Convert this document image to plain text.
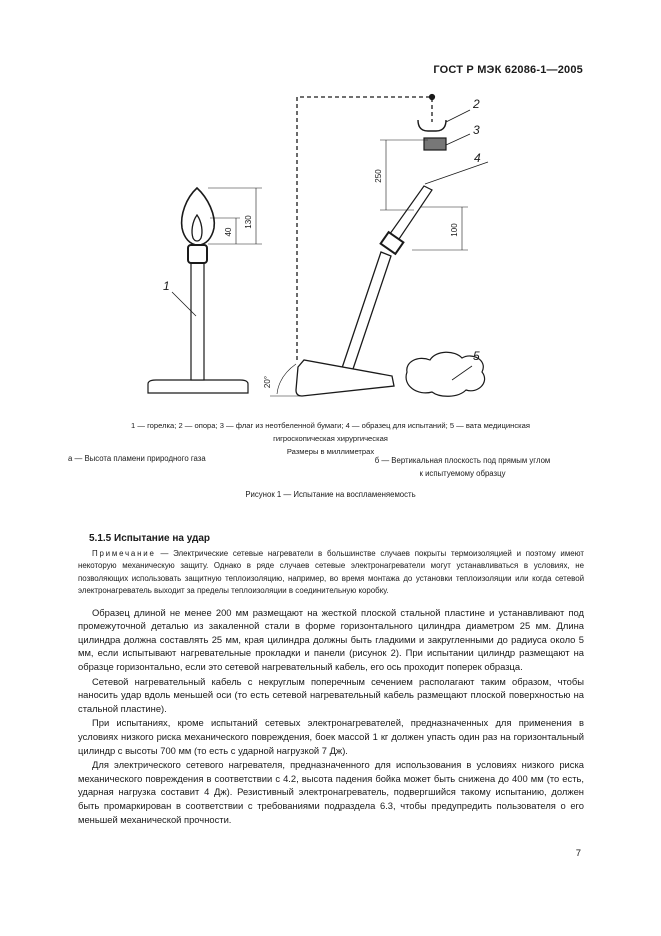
ГОСТ Р МЭК 62086-1—2005
130
40
250
100
20°
1
2
3
4
5
1 — горелка; 2 — опора; 3 — флаг из неотбеленной бумаги; 4 — образец для испытаний; 5 — вата медицинская
гигроскопическая хирургическая
Размеры в миллиметрах
а — Высота пламени природного газа	б — Вертикальная плоскость под прямым углом
к испытуемому образцу
Рисунок 1 — Испытание на воспламеняемость
5.1.5 Испытание на удар

Примечание — Электрические сетевые нагреватели в большинстве случаев покрыты термоизоляцией и поэтому имеют некоторую механическую защиту. Однако в ряде случаев сетевые электронагреватели могут устанавливаться в условиях, не позволяющих использовать защитную теплоизоляцию, например, во время монтажа до установки теплоизоляции или когда сетевой электронагреватель выходит за пределы теплоизоляции в соединительную коробку.

Образец длиной не менее 200 мм размещают на жесткой плоской стальной пластине и устанавливают под промежуточной деталью из закаленной стали в форме горизонтального цилиндра диаметром 25 мм. Длина цилиндра должна составлять 25 мм, края цилиндра должны быть гладкими и закругленными до радиуса около 5 мм, если испытывают нагревательные прокладки и панели (рисунок 2). При испытании цилиндр размещают на образце горизонтально, если это сетевой нагревательный кабель, его ось проходит поперек образца.

Сетевой нагревательный кабель с некруглым поперечным сечением располагают таким образом, чтобы наносить удар вдоль меньшей оси (то есть сетевой нагревательный кабель размещают плоской поверхностью на стальной пластине).

При испытаниях, кроме испытаний сетевых электронагревателей, предназначенных для применения в условиях низкого риска механического повреждения, боек массой 1 кг должен упасть один раз на горизонтальный цилиндр с высоты 700 мм (то есть с ударной нагрузкой 7 Дж).

Для электрического сетевого нагревателя, предназначенного для использования в условиях низкого риска механического повреждения в соответствии с 4.2, высота падения бойка может быть снижена до 400 мм (то есть, ударная нагрузка составит 4 Дж). Резистивный электронагреватель, подвергшийся такому испытанию, должен быть промаркирован в соответствии с требованиями подраздела 6.3, чтобы предупредить пользователя о его меньшей механической прочности.

7
